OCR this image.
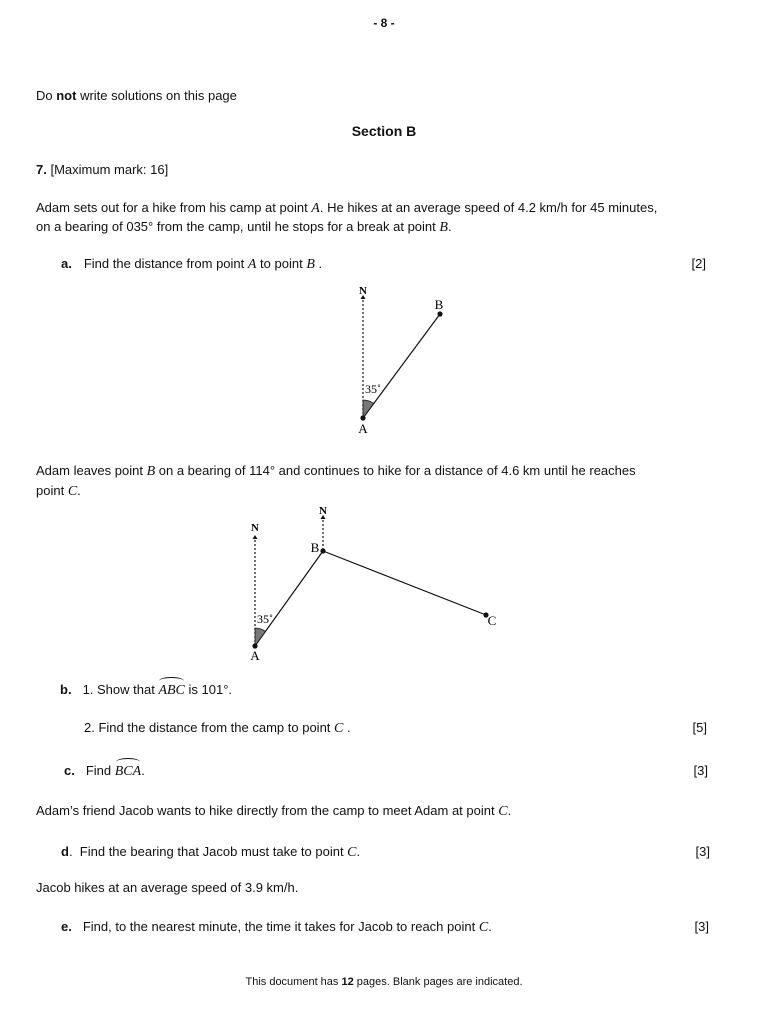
- 8 -
Do not write solutions on this page
Section B
7. [Maximum mark: 16]
Adam sets out for a hike from his camp at point A. He hikes at an average speed of 4.2 km/h for 45 minutes,
on a bearing of 035° from the camp, until he stops for a break at point B.
a. Find the distance from point A to point B .	[2]
N
B
A
35˚
Adam leaves point B on a bearing of 114° and continues to hike for a distance of 4.6 km until he reaches
point C.
N
N
B
C
A
35˚
b. 1. Show that ABC is 101°.
2. Find the distance from the camp to point C .	[5]
c. Find BCA.	[3]
Adam’s friend Jacob wants to hike directly from the camp to meet Adam at point C.
d.  Find the bearing that Jacob must take to point C.	[3]
Jacob hikes at an average speed of 3.9 km/h.
e. Find, to the nearest minute, the time it takes for Jacob to reach point C.	[3]
This document has 12 pages. Blank pages are indicated.
